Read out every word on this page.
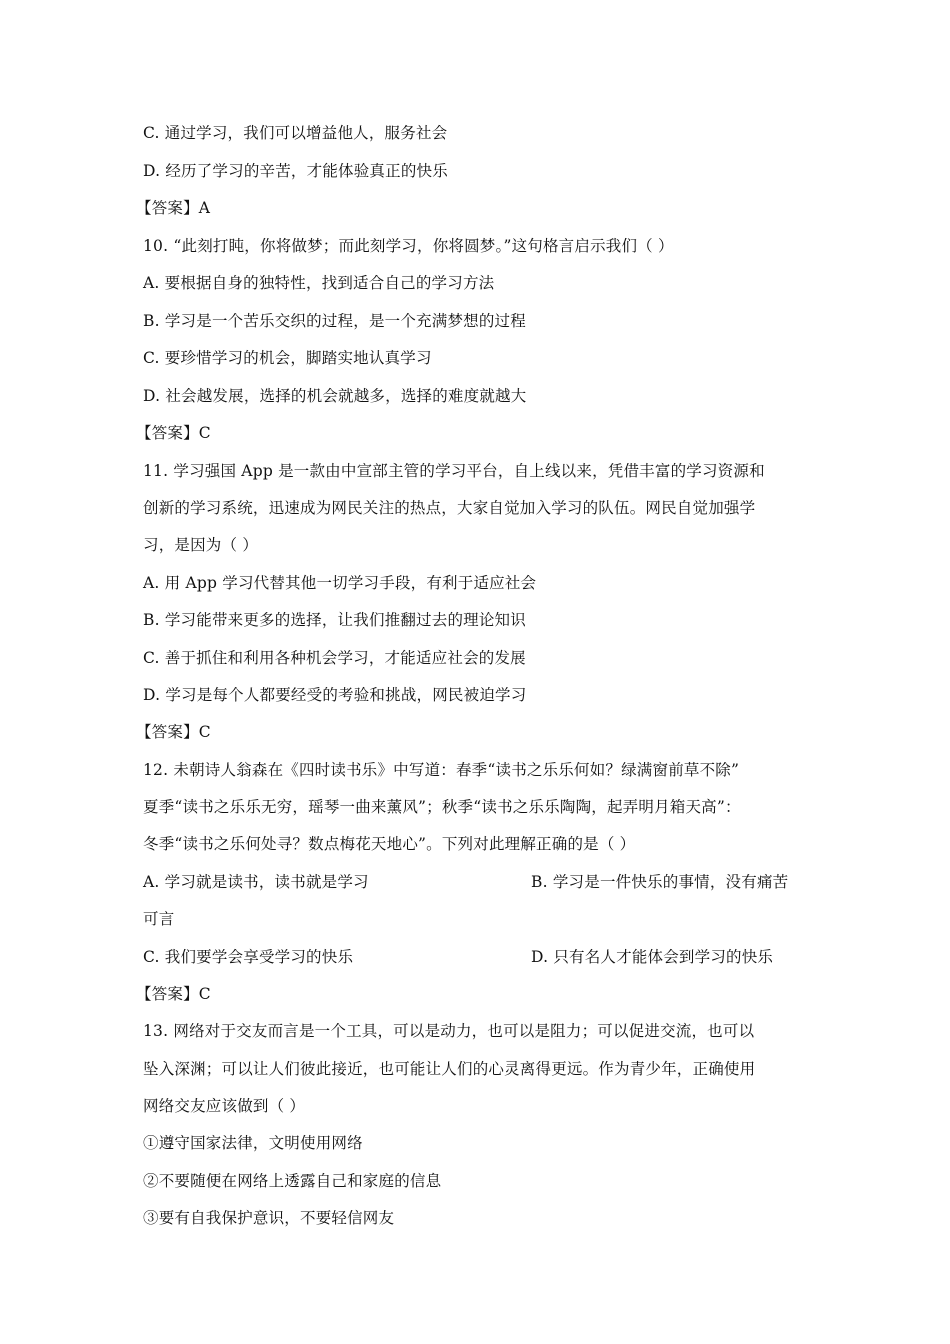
C. 通过学习，我们可以增益他人，服务社会
D. 经历了学习的辛苦，才能体验真正的快乐
【答案】A
10. “此刻打盹，你将做梦；而此刻学习，你将圆梦。”这句格言启示我们（ ）
A. 要根据自身的独特性，找到适合自己的学习方法
B. 学习是一个苦乐交织的过程，是一个充满梦想的过程
C. 要珍惜学习的机会，脚踏实地认真学习
D. 社会越发展，选择的机会就越多，选择的难度就越大
【答案】C
11. 学习强国 App 是一款由中宣部主管的学习平台，自上线以来，凭借丰富的学习资源和
创新的学习系统，迅速成为网民关注的热点，大家自觉加入学习的队伍。网民自觉加强学
习，是因为（ ）
A. 用 App 学习代替其他一切学习手段，有利于适应社会
B. 学习能带来更多的选择，让我们推翻过去的理论知识
C. 善于抓住和利用各种机会学习，才能适应社会的发展
D. 学习是每个人都要经受的考验和挑战，网民被迫学习
【答案】C
12. 未朝诗人翁森在《四时读书乐》中写道：春季“读书之乐乐何如？绿满窗前草不除”
夏季“读书之乐乐无穷，瑶琴一曲来薰风”；秋季“读书之乐乐陶陶，起弄明月箱天高”：
冬季“读书之乐何处寻？数点梅花天地心”。下列对此理解正确的是（ ）
A. 学习就是读书，读书就是学习	B. 学习是一件快乐的事情，没有痛苦
可言
C. 我们要学会享受学习的快乐	D. 只有名人才能体会到学习的快乐
【答案】C
13. 网络对于交友而言是一个工具，可以是动力，也可以是阻力；可以促进交流，也可以
坠入深渊；可以让人们彼此接近，也可能让人们的心灵离得更远。作为青少年，正确使用
网络交友应该做到（ ）
①遵守国家法律，文明使用网络
②不要随便在网络上透露自己和家庭的信息
③要有自我保护意识，不要轻信网友
